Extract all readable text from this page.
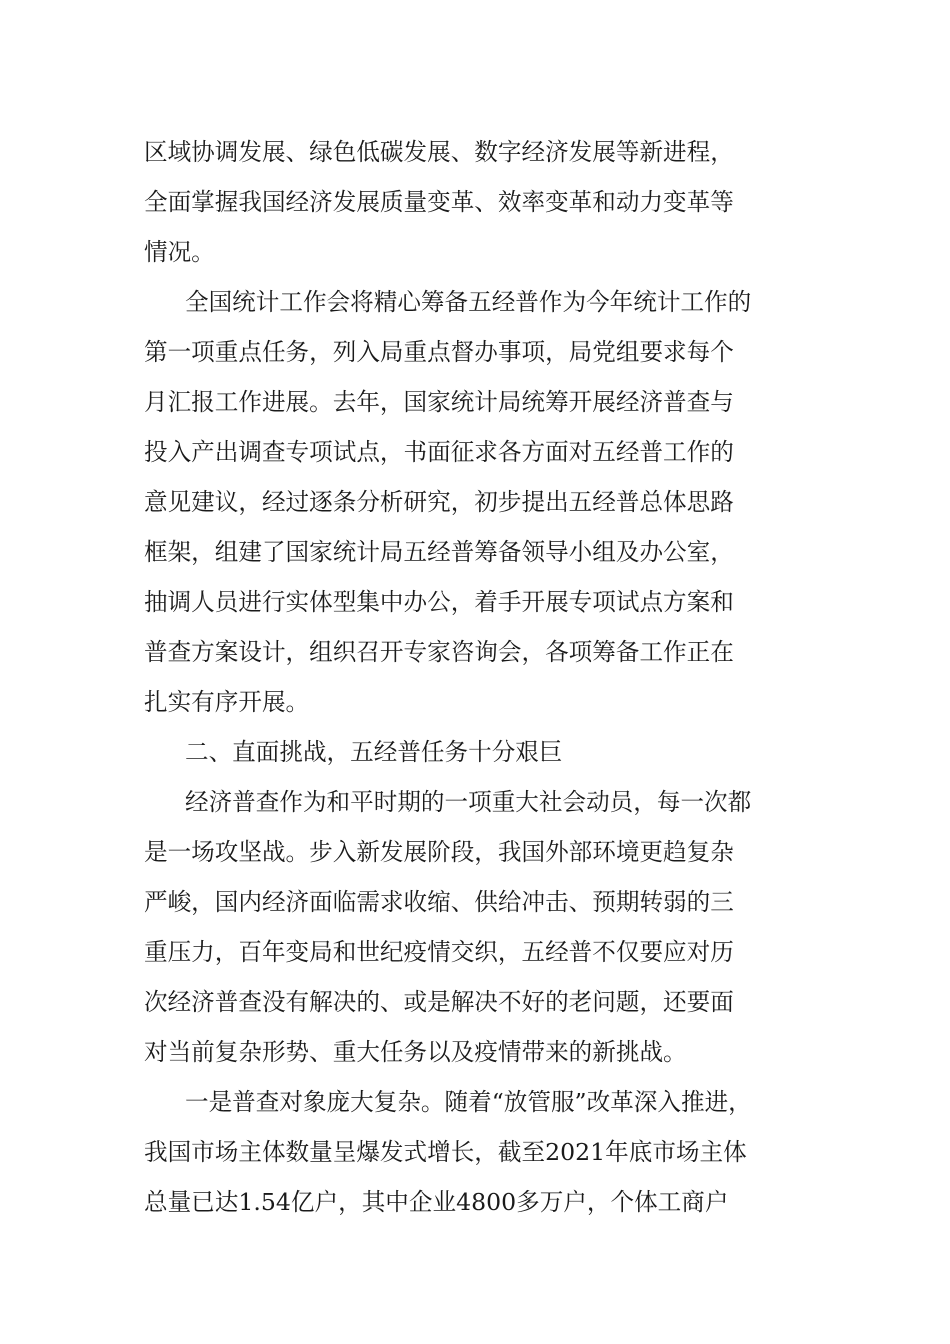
区域协调发展、绿色低碳发展、数字经济发展等新进程，

全面掌握我国经济发展质量变革、效率变革和动力变革等

情况。

全国统计工作会将精心筹备五经普作为今年统计工作的

第一项重点任务，列入局重点督办事项，局党组要求每个

月汇报工作进展。去年，国家统计局统筹开展经济普查与

投入产出调查专项试点，书面征求各方面对五经普工作的

意见建议，经过逐条分析研究，初步提出五经普总体思路

框架，组建了国家统计局五经普筹备领导小组及办公室，

抽调人员进行实体型集中办公，着手开展专项试点方案和

普查方案设计，组织召开专家咨询会，各项筹备工作正在

扎实有序开展。

二、直面挑战，五经普任务十分艰巨

经济普查作为和平时期的一项重大社会动员，每一次都

是一场攻坚战。步入新发展阶段，我国外部环境更趋复杂

严峻，国内经济面临需求收缩、供给冲击、预期转弱的三

重压力，百年变局和世纪疫情交织，五经普不仅要应对历

次经济普查没有解决的、或是解决不好的老问题，还要面

对当前复杂形势、重大任务以及疫情带来的新挑战。

一是普查对象庞大复杂。随着“放管服”改革深入推进，

我国市场主体数量呈爆发式增长，截至2021年底市场主体

总量已达1.54亿户，其中企业4800多万户，个体工商户
